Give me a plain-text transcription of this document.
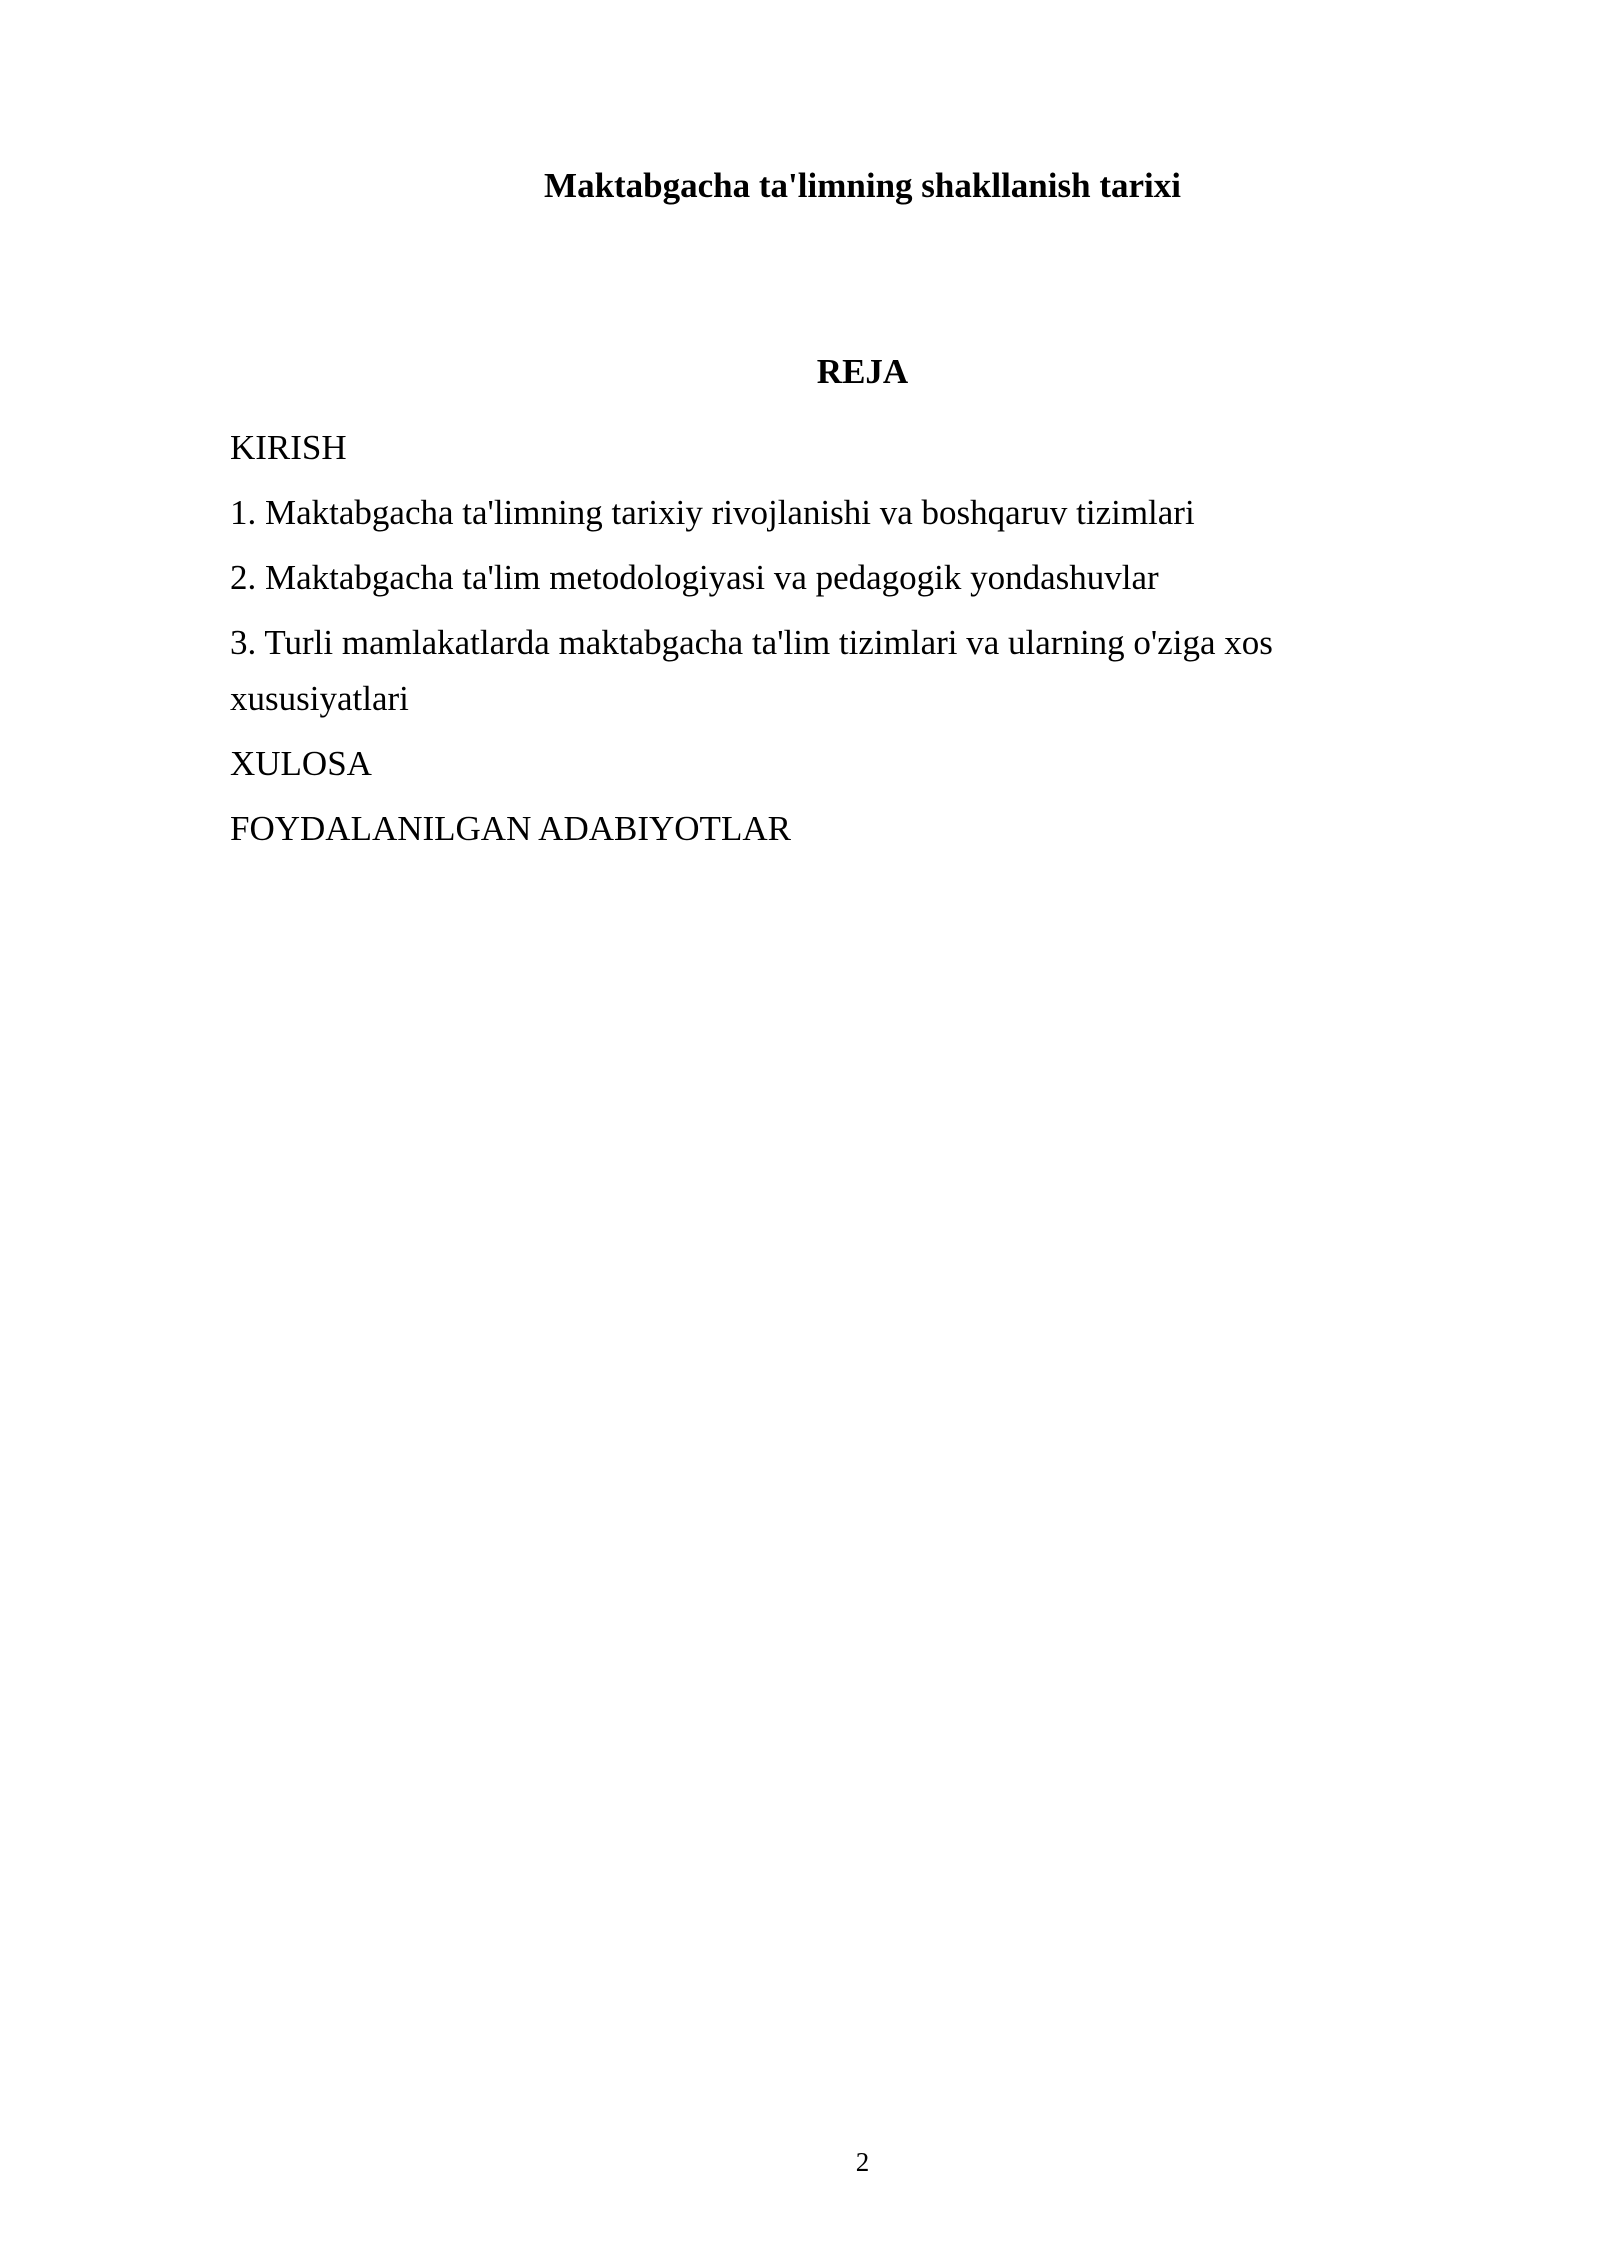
Maktabgacha ta'limning shakllanish tarixi
REJA
KIRISH
1. Maktabgacha ta'limning tarixiy rivojlanishi va boshqaruv tizimlari
2. Maktabgacha ta'lim metodologiyasi va pedagogik yondashuvlar
3. Turli mamlakatlarda maktabgacha ta'lim tizimlari va ularning o'ziga xos xususiyatlari
XULOSA
FOYDALANILGAN ADABIYOTLAR
2
